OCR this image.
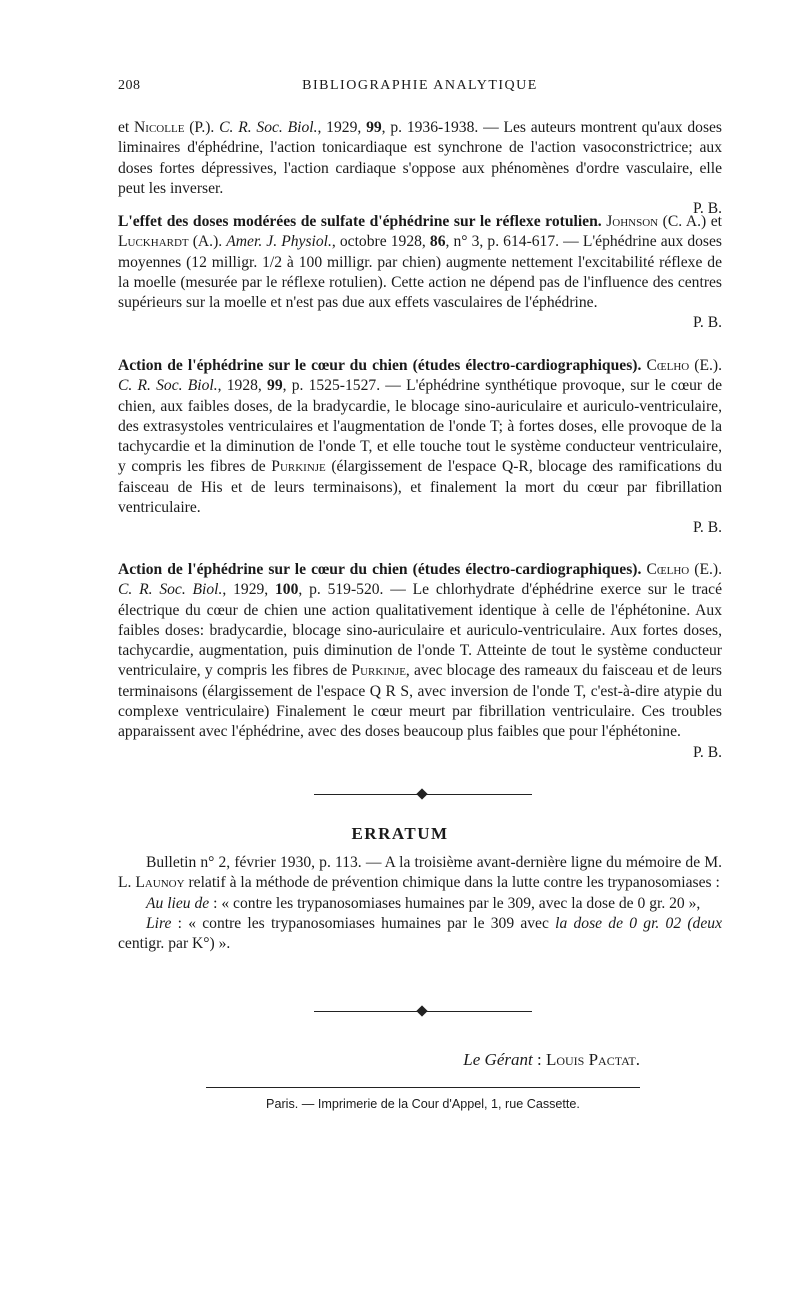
208	BIBLIOGRAPHIE ANALYTIQUE
et Nicolle (P.). C. R. Soc. Biol., 1929, 99, p. 1936-1938. — Les auteurs montrent qu'aux doses liminaires d'éphédrine, l'action tonicardiaque est synchrone de l'action vasoconstrictrice; aux doses fortes dépressives, l'action cardiaque s'oppose aux phénomènes d'ordre vasculaire, elle peut les inverser.
P. B.
L'effet des doses modérées de sulfate d'éphédrine sur le réflexe rotulien. Johnson (C. A.) et Luckhardt (A.). Amer. J. Physiol., octobre 1928, 86, n° 3, p. 614-617. — L'éphédrine aux doses moyennes (12 milligr. 1/2 à 100 milligr. par chien) augmente nettement l'excitabilité réflexe de la moelle (mesurée par le réflexe rotulien). Cette action ne dépend pas de l'influence des centres supérieurs sur la moelle et n'est pas due aux effets vasculaires de l'éphédrine.
P. B.
Action de l'éphédrine sur le cœur du chien (études électro-cardiographiques). Cœlho (E.). C. R. Soc. Biol., 1928, 99, p. 1525-1527. — L'éphédrine synthétique provoque, sur le cœur de chien, aux faibles doses, de la bradycardie, le blocage sino-auriculaire et auriculo-ventriculaire, des extrasystoles ventriculaires et l'augmentation de l'onde T; à fortes doses, elle provoque de la tachycardie et la diminution de l'onde T, et elle touche tout le système conducteur ventriculaire, y compris les fibres de Purkinje (élargissement de l'espace Q-R, blocage des ramifications du faisceau de His et de leurs terminaisons), et finalement la mort du cœur par fibrillation ventriculaire.
P. B.
Action de l'éphédrine sur le cœur du chien (études électro-cardiographiques). Cœlho (E.). C. R. Soc. Biol., 1929, 100, p. 519-520. — Le chlorhydrate d'éphédrine exerce sur le tracé électrique du cœur de chien une action qualitativement identique à celle de l'éphétonine. Aux faibles doses: bradycardie, blocage sino-auriculaire et auriculo-ventriculaire. Aux fortes doses, tachycardie, augmentation, puis diminution de l'onde T. Atteinte de tout le système conducteur ventriculaire, y compris les fibres de Purkinje, avec blocage des rameaux du faisceau et de leurs terminaisons (élargissement de l'espace Q R S, avec inversion de l'onde T, c'est-à-dire atypie du complexe ventriculaire) Finalement le cœur meurt par fibrillation ventriculaire. Ces troubles apparaissent avec l'éphédrine, avec des doses beaucoup plus faibles que pour l'éphétonine.
P. B.
ERRATUM
Bulletin n° 2, février 1930, p. 113. — A la troisième avant-dernière ligne du mémoire de M. L. Launoy relatif à la méthode de prévention chimique dans la lutte contre les trypanosomiases :
Au lieu de : « contre les trypanosomiases humaines par le 309, avec la dose de 0 gr. 20 »,
Lire : « contre les trypanosomiases humaines par le 309 avec la dose de 0 gr. 02 (deux centigr. par K°) ».
Le Gérant : Louis Pactat.
Paris. — Imprimerie de la Cour d'Appel, 1, rue Cassette.
